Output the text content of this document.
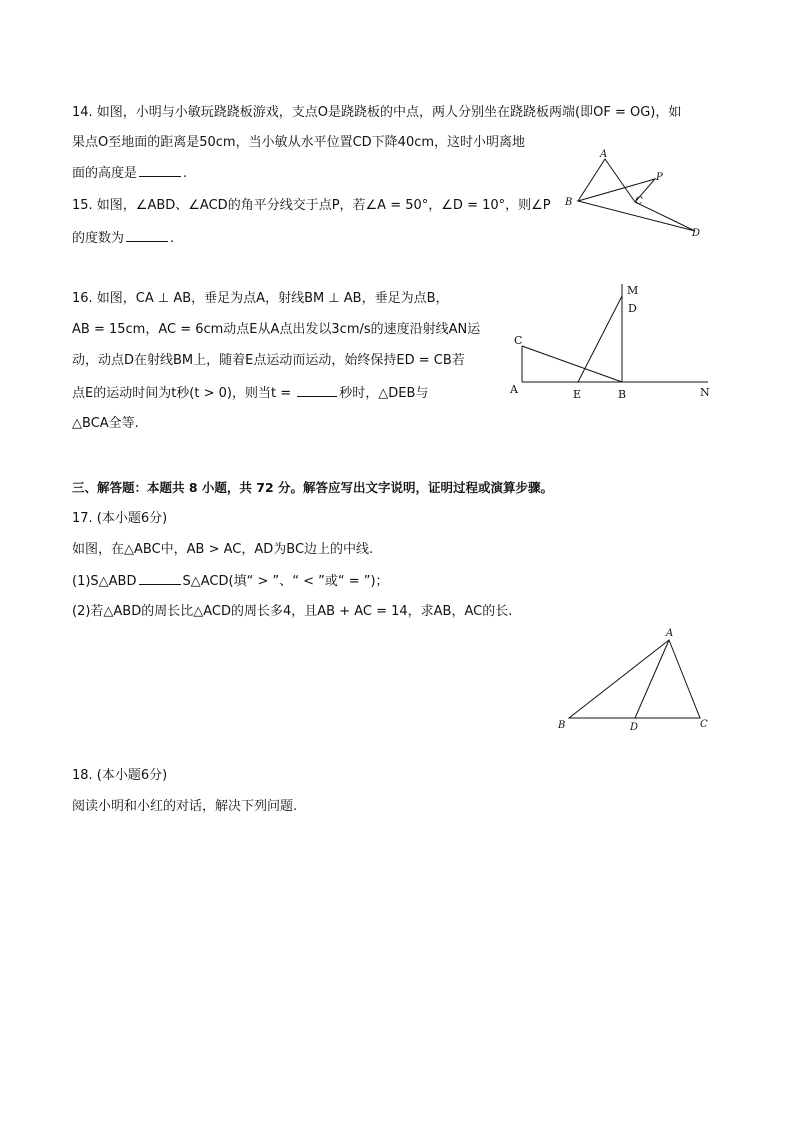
14. 如图，小明与小敏玩跷跷板游戏，支点O是跷跷板的中点，两人分别坐在跷跷板两端(即OF = OG)，如
果点O至地面的距离是50cm，当小敏从水平位置CD下降40cm，这时小明离地
面的高度是	.
15. 如图，∠ABD、∠ACD的角平分线交于点P，若∠A = 50°，∠D = 10°，则∠P
的度数为	.
A
B	C
P
D
16. 如图，CA ⊥ AB，垂足为点A，射线BM ⊥ AB，垂足为点B，
AB = 15cm，AC = 6cm动点E从A点出发以3cm/s的速度沿射线AN运
动，动点D在射线BM上，随着E点运动而运动，始终保持ED = CB若
点E的运动时间为t秒(t > 0)，则当t =	秒时，△DEB与
△BCA全等.
M
D
C
A	E	B	N
三、解答题：本题共 8 小题，共 72 分。解答应写出文字说明，证明过程或演算步骤。
17. (本小题6分)
如图，在△ABC中，AB > AC，AD为BC边上的中线.
(1)S△ABD	S△ACD(填“ > ”、“ < ”或“ = ”)；
(2)若△ABD的周长比△ACD的周长多4，且AB + AC = 14，求AB，AC的长.
A
B	D	C
18. (本小题6分)
阅读小明和小红的对话，解决下列问题.
